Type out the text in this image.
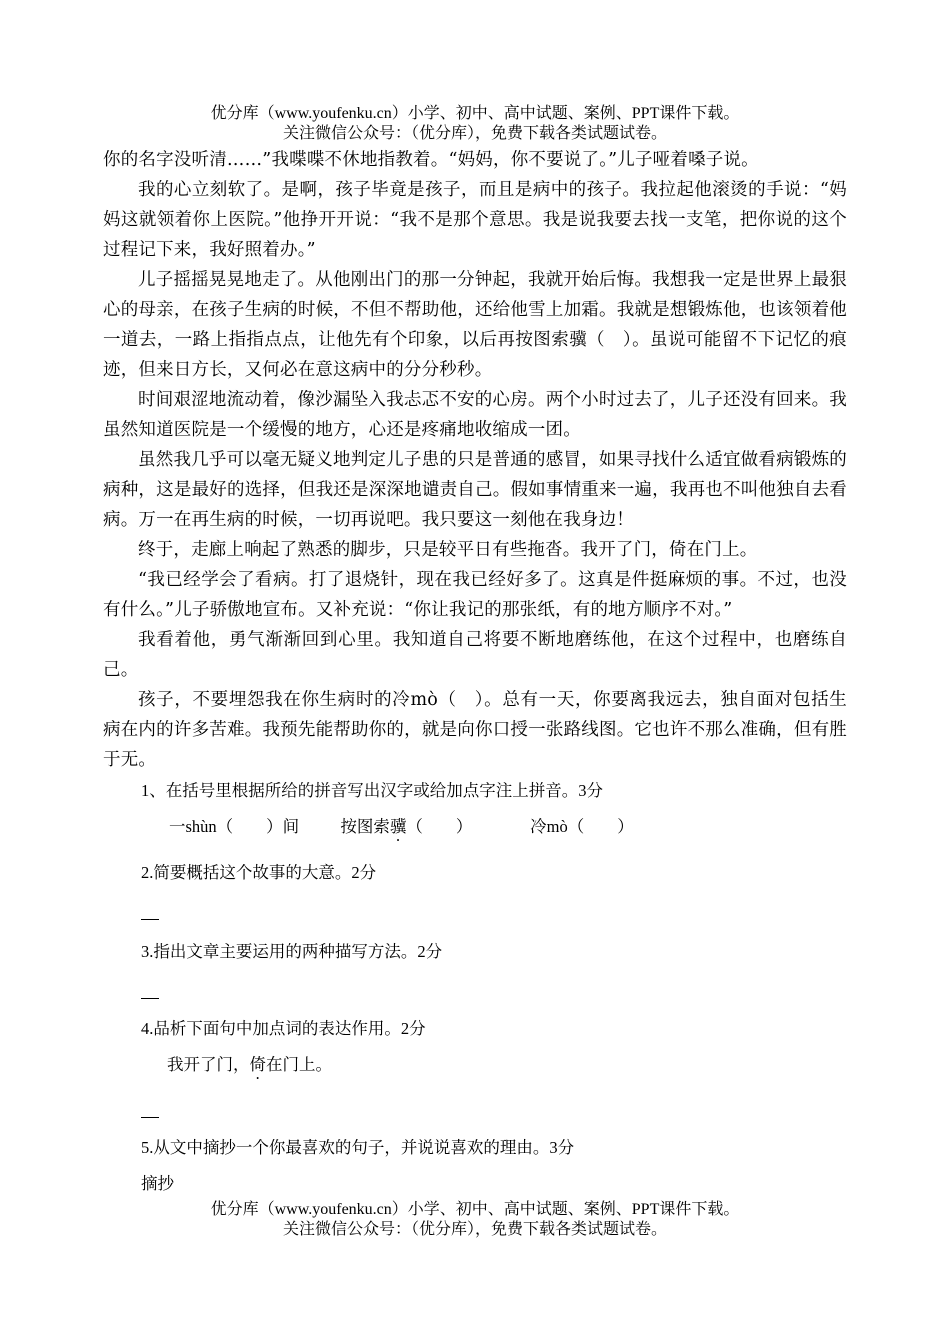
优分库（www.youfenku.cn）小学、初中、高中试题、案例、PPT课件下载。
关注微信公众号：（优分库），免费下载各类试题试卷。

你的名字没听清……”我喋喋不休地指教着。“妈妈，你不要说了。”儿子哑着嗓子说。

我的心立刻软了。是啊，孩子毕竟是孩子，而且是病中的孩子。我拉起他滚烫的手说：“妈妈这就领着你上医院。”他挣开开说：“我不是那个意思。我是说我要去找一支笔，把你说的这个过程记下来，我好照着办。”

儿子摇摇晃晃地走了。从他刚出门的那一分钟起，我就开始后悔。我想我一定是世界上最狠心的母亲，在孩子生病的时候，不但不帮助他，还给他雪上加霜。我就是想锻炼他，也该领着他一道去，一路上指指点点，让他先有个印象，以后再按图索骥（　）。虽说可能留不下记忆的痕迹，但来日方长，又何必在意这病中的分分秒秒。

时间艰涩地流动着，像沙漏坠入我忐忑不安的心房。两个小时过去了，儿子还没有回来。我虽然知道医院是一个缓慢的地方，心还是疼痛地收缩成一团。

虽然我几乎可以毫无疑义地判定儿子患的只是普通的感冒，如果寻找什么适宜做看病锻炼的病种，这是最好的选择，但我还是深深地谴责自己。假如事情重来一遍，我再也不叫他独自去看病。万一在再生病的时候，一切再说吧。我只要这一刻他在我身边！

终于，走廊上响起了熟悉的脚步，只是较平日有些拖沓。我开了门，倚在门上。

“我已经学会了看病。打了退烧针，现在我已经好多了。这真是件挺麻烦的事。不过，也没有什么。”儿子骄傲地宣布。又补充说：“你让我记的那张纸，有的地方顺序不对。”

我看着他，勇气渐渐回到心里。我知道自己将要不断地磨练他，在这个过程中，也磨练自己。

孩子，不要埋怨我在你生病时的冷mò（　）。总有一天，你要离我远去，独自面对包括生病在内的许多苦难。我预先能帮助你的，就是向你口授一张路线图。它也许不那么准确，但有胜于无。

1、在括号里根据所给的拼音写出汉字或给加点字注上拼音。3分

一shùn（ ）间	按图索骥（　　）	冷mò（　　）

2.简要概括这个故事的大意。2分

3.指出文章主要运用的两种描写方法。2分

4.品析下面句中加点词的表达作用。2分

我开了门，倚在门上。

5.从文中摘抄一个你最喜欢的句子，并说说喜欢的理由。3分

摘抄

优分库（www.youfenku.cn）小学、初中、高中试题、案例、PPT课件下载。
关注微信公众号：（优分库），免费下载各类试题试卷。
